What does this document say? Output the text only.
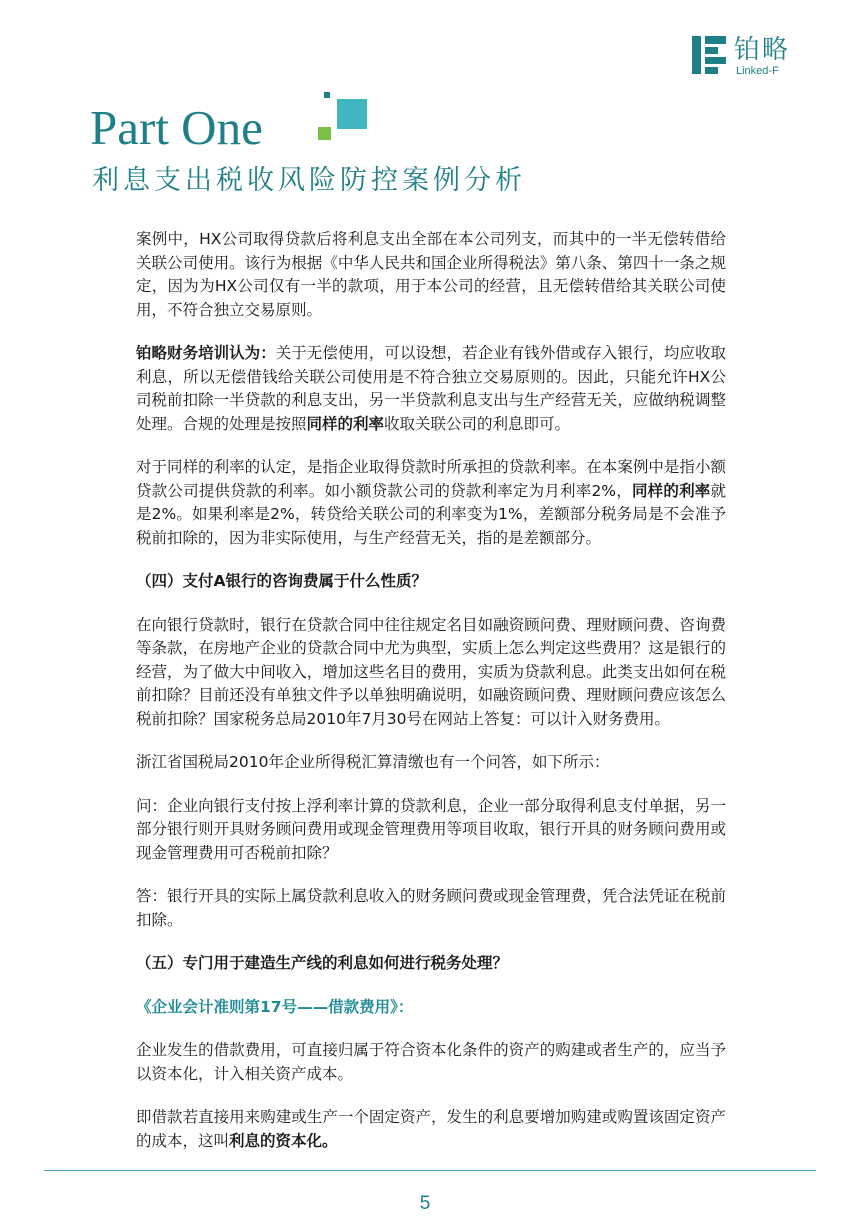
铂略
Linked-F
Part One
利息支出税收风险防控案例分析

案例中，HX公司取得贷款后将利息支出全部在本公司列支，而其中的一半无偿转借给关联公司使用。该行为根据《中华人民共和国企业所得税法》第八条、第四十一条之规定，因为为HX公司仅有一半的款项，用于本公司的经营，且无偿转借给其关联公司使用，不符合独立交易原则。

铂略财务培训认为：关于无偿使用，可以设想，若企业有钱外借或存入银行，均应收取利息，所以无偿借钱给关联公司使用是不符合独立交易原则的。因此，只能允许HX公司税前扣除一半贷款的利息支出，另一半贷款利息支出与生产经营无关，应做纳税调整处理。合规的处理是按照同样的利率收取关联公司的利息即可。

对于同样的利率的认定，是指企业取得贷款时所承担的贷款利率。在本案例中是指小额贷款公司提供贷款的利率。如小额贷款公司的贷款利率定为月利率2%，同样的利率就是2%。如果利率是2%，转贷给关联公司的利率变为1%，差额部分税务局是不会准予税前扣除的，因为非实际使用，与生产经营无关，指的是差额部分。

（四）支付A银行的咨询费属于什么性质？

在向银行贷款时，银行在贷款合同中往往规定名目如融资顾问费、理财顾问费、咨询费等条款，在房地产企业的贷款合同中尤为典型，实质上怎么判定这些费用？这是银行的经营，为了做大中间收入，增加这些名目的费用，实质为贷款利息。此类支出如何在税前扣除？目前还没有单独文件予以单独明确说明，如融资顾问费、理财顾问费应该怎么税前扣除？国家税务总局2010年7月30号在网站上答复：可以计入财务费用。

浙江省国税局2010年企业所得税汇算清缴也有一个问答，如下所示：

问：企业向银行支付按上浮利率计算的贷款利息，企业一部分取得利息支付单据，另一部分银行则开具财务顾问费用或现金管理费用等项目收取，银行开具的财务顾问费用或现金管理费用可否税前扣除？

答：银行开具的实际上属贷款利息收入的财务顾问费或现金管理费，凭合法凭证在税前扣除。

（五）专门用于建造生产线的利息如何进行税务处理？

《企业会计准则第17号——借款费用》：

企业发生的借款费用，可直接归属于符合资本化条件的资产的购建或者生产的，应当予以资本化，计入相关资产成本。

即借款若直接用来购建或生产一个固定资产，发生的利息要增加购建或购置该固定资产的成本，这叫利息的资本化。

5
